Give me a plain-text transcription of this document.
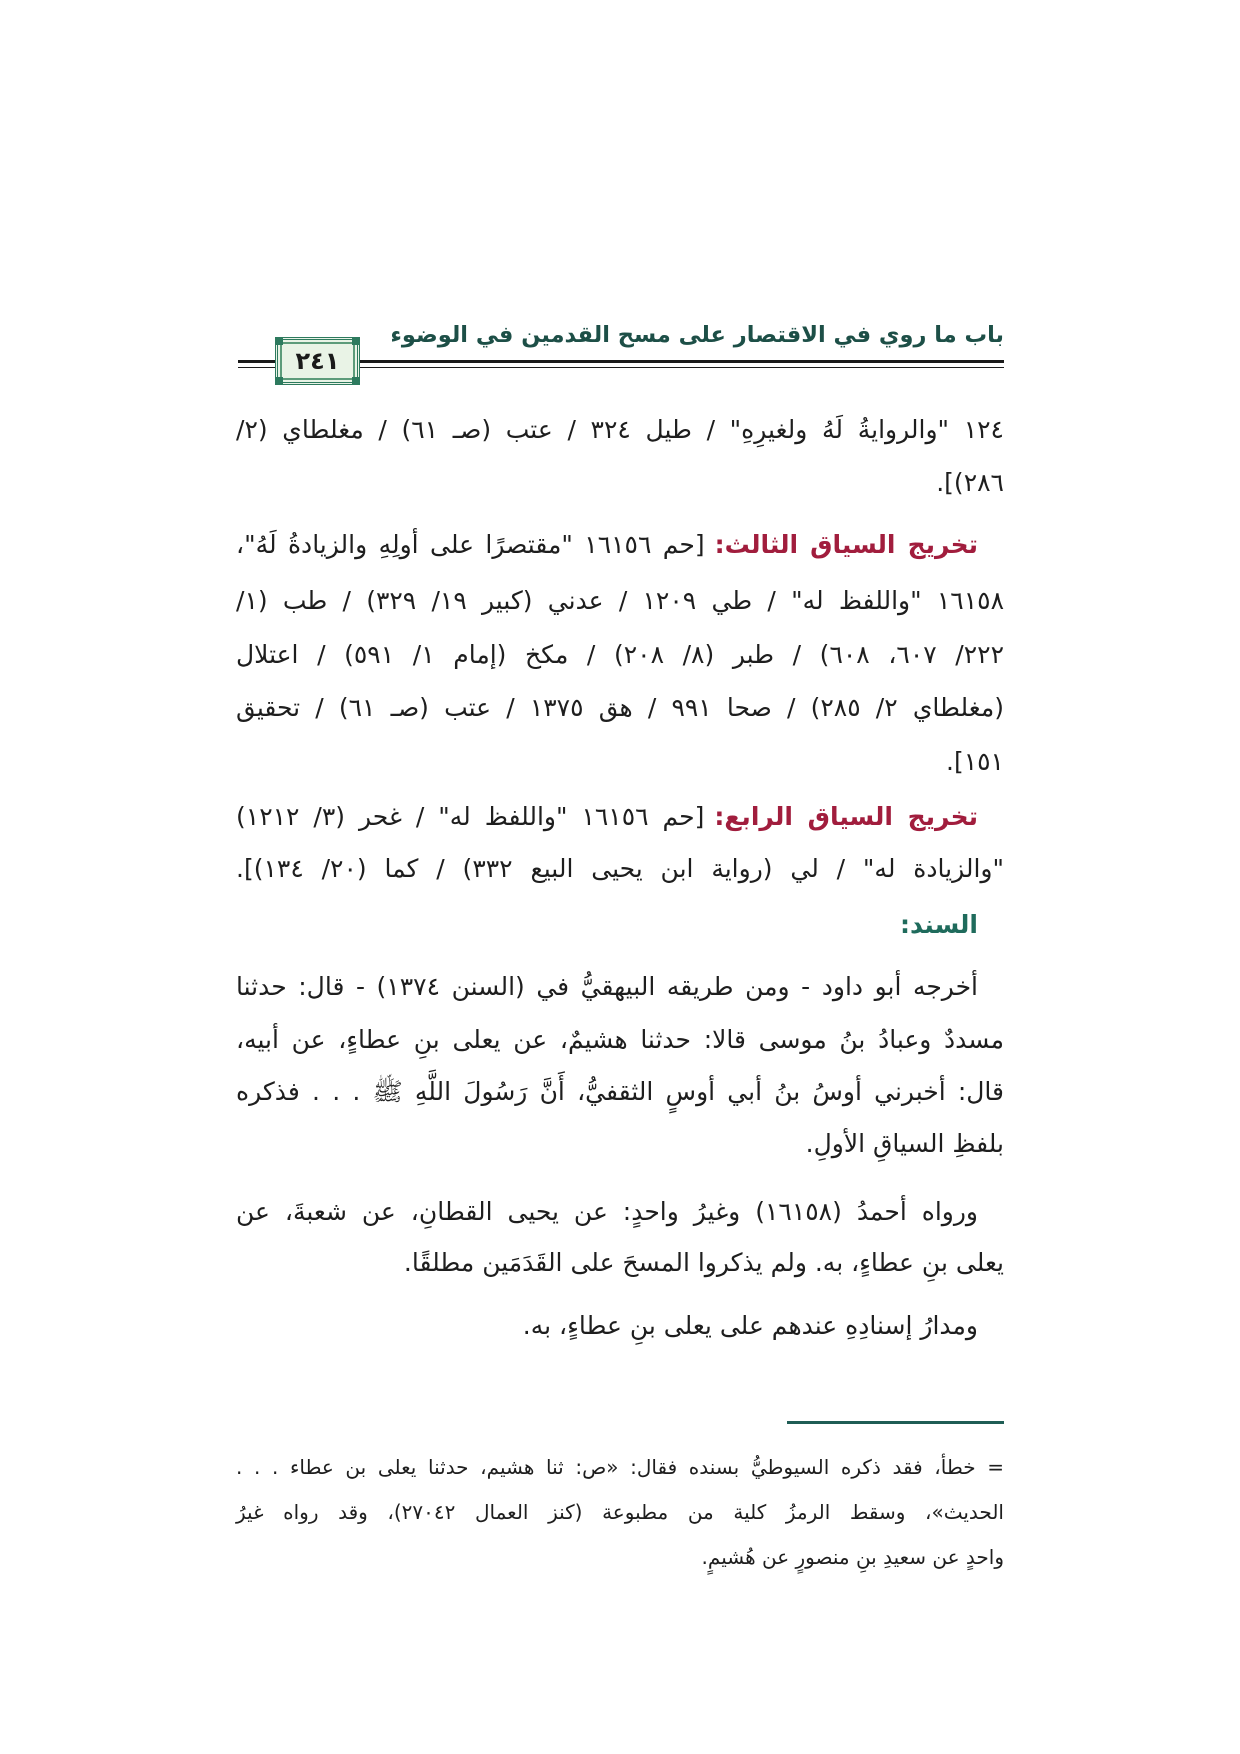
باب ما روي في الاقتصار على مسح القدمين في الوضوء
٢٤١
١٢٤ "والروايةُ لَهُ ولغيرِهِ" / طيل ٣٢٤ / عتب (صـ ٦١) / مغلطاي (٢/
٢٨٦)].
تخريج السياق الثالث:[حم ١٦١٥٦ "مقتصرًا على أولِهِ والزيادةُ لَهُ"،
١٦١٥٨ "واللفظ له" / طي ١٢٠٩ / عدني (كبير ١٩/ ٣٢٩) / طب (١/
٢٢٢/ ٦٠٧، ٦٠٨) / طبر (٨/ ٢٠٨) / مكخ (إمام ١/ ٥٩١) / اعتلال
(مغلطاي ٢/ ٢٨٥) / صحا ٩٩١ / هق ١٣٧٥ / عتب (صـ ٦١) / تحقيق
١٥١].
تخريج السياق الرابع:[حم ١٦١٥٦ "واللفظ له" / غحر (٣/ ١٢١٢)
"والزيادة له" / لي (رواية ابن يحيى البيع ٣٣٢) / كما (٢٠/ ١٣٤)].
السند:
أخرجه أبو داود - ومن طريقه البيهقيُّ في (السنن ١٣٧٤) - قال: حدثنا
مسددٌ وعبادُ بنُ موسى قالا: حدثنا هشيمٌ، عن يعلى بنِ عطاءٍ، عن أبيه،
قال: أخبرني أوسُ بنُ أبي أوسٍ الثقفيُّ، أَنَّ رَسُولَ اللَّهِ ﷺ . . . فذكره
بلفظِ السياقِ الأولِ.
ورواه أحمدُ (١٦١٥٨) وغيرُ واحدٍ: عن يحيى القطانِ، عن شعبةَ، عن
يعلى بنِ عطاءٍ، به. ولم يذكروا المسحَ على القَدَمَين مطلقًا.
ومدارُ إسنادِهِ عندهم على يعلى بنِ عطاءٍ، به.
= خطأ، فقد ذكره السيوطيُّ بسنده فقال: «ص: ثنا هشيم، حدثنا يعلى بن عطاء . . .
الحديث»، وسقط الرمزُ كلية من مطبوعة (كنز العمال ٢٧٠٤٢)، وقد رواه غيرُ
واحدٍ عن سعيدِ بنِ منصورٍ عن هُشيمٍ.
